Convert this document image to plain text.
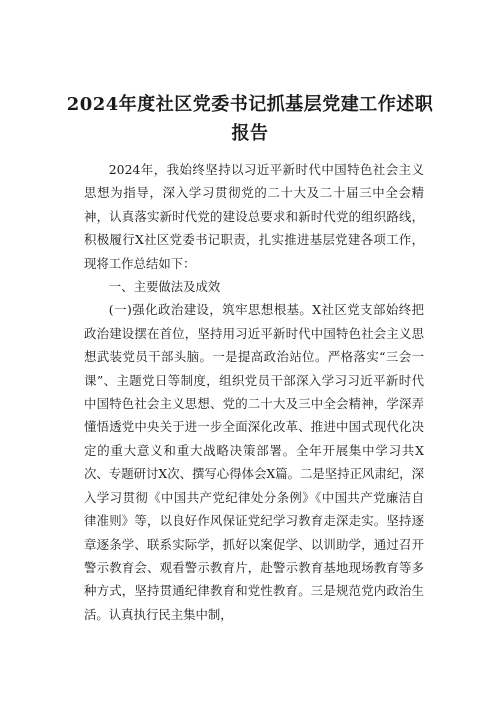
2024年度社区党委书记抓基层党建工作述职
报告

2024年，我始终坚持以习近平新时代中国特色社会主义思想为指导，深入学习贯彻党的二十大及二十届三中全会精神，认真落实新时代党的建设总要求和新时代党的组织路线，积极履行X社区党委书记职责，扎实推进基层党建各项工作，现将工作总结如下：

一、主要做法及成效

(一)强化政治建设，筑牢思想根基。X社区党支部始终把政治建设摆在首位，坚持用习近平新时代中国特色社会主义思想武装党员干部头脑。一是提高政治站位。严格落实“三会一课”、主题党日等制度，组织党员干部深入学习习近平新时代中国特色社会主义思想、党的二十大及三中全会精神，学深弄懂悟透党中央关于进一步全面深化改革、推进中国式现代化决定的重大意义和重大战略决策部署。全年开展集中学习共X次、专题研讨X次、撰写心得体会X篇。二是坚持正风肃纪，深入学习贯彻《中国共产党纪律处分条例》《中国共产党廉洁自律准则》等，以良好作风保证党纪学习教育走深走实。坚持逐章逐条学、联系实际学，抓好以案促学、以训助学，通过召开警示教育会、观看警示教育片，赴警示教育基地现场教育等多种方式，坚持贯通纪律教育和党性教育。三是规范党内政治生活。认真执行民主集中制，
